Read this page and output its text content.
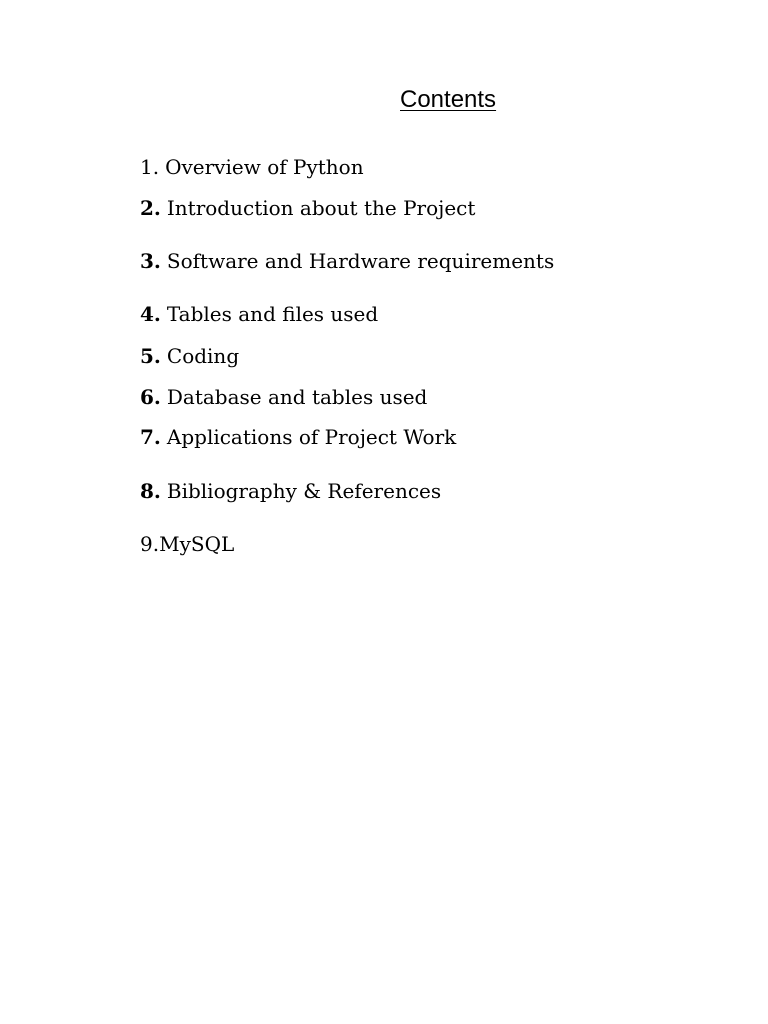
Contents
1. Overview of Python
2. Introduction about the Project
3. Software and Hardware requirements
4. Tables and files used
5. Coding
6. Database and tables used
7. Applications of Project Work
8. Bibliography & References
9.MySQL
